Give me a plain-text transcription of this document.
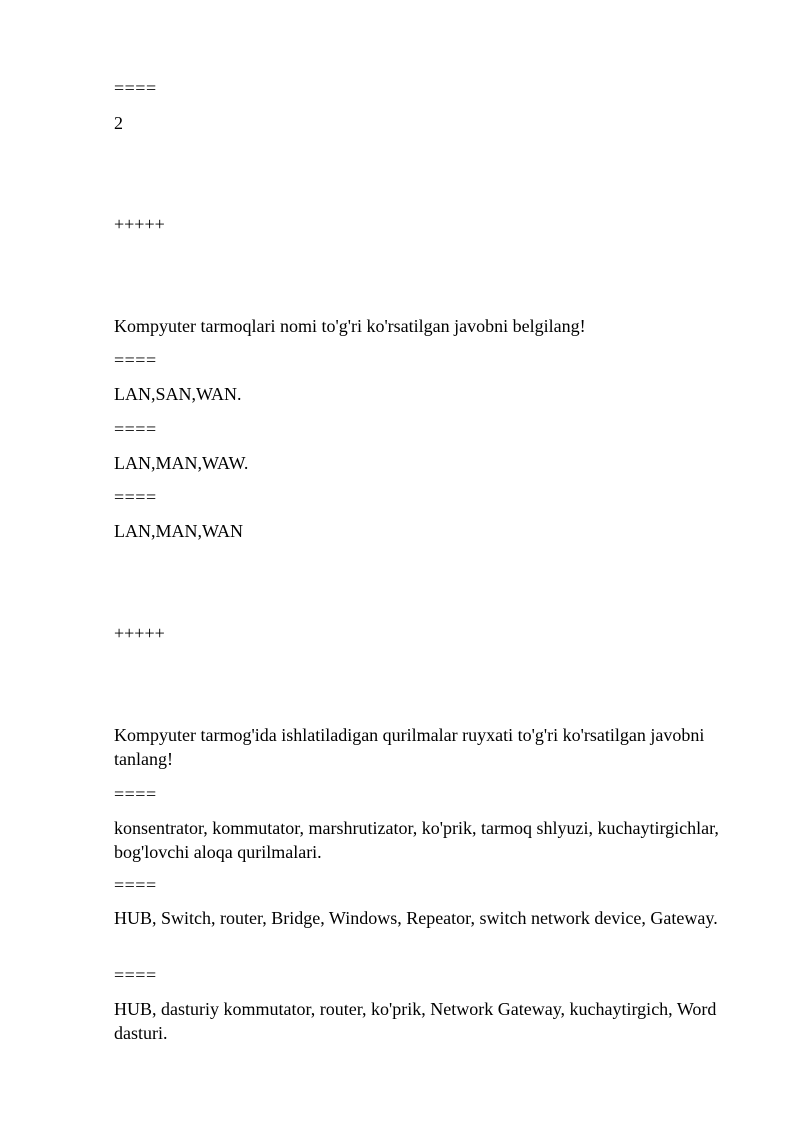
====

2

+++++

Kompyuter tarmoqlari nomi to'g'ri ko'rsatilgan javobni belgilang!

====

LAN,SAN,WAN.

====

LAN,MAN,WAW.

====

LAN,MAN,WAN

+++++

Kompyuter tarmog'ida ishlatiladigan qurilmalar ruyxati to'g'ri ko'rsatilgan javobni tanlang!

====

konsentrator, kommutator, marshrutizator, ko'prik, tarmoq shlyuzi, kuchaytirgichlar, bog'lovchi aloqa qurilmalari.

====

HUB, Switch, router, Bridge, Windows, Repeator, switch network device, Gateway.

====

HUB, dasturiy kommutator, router, ko'prik, Network Gateway, kuchaytirgich, Word dasturi.
